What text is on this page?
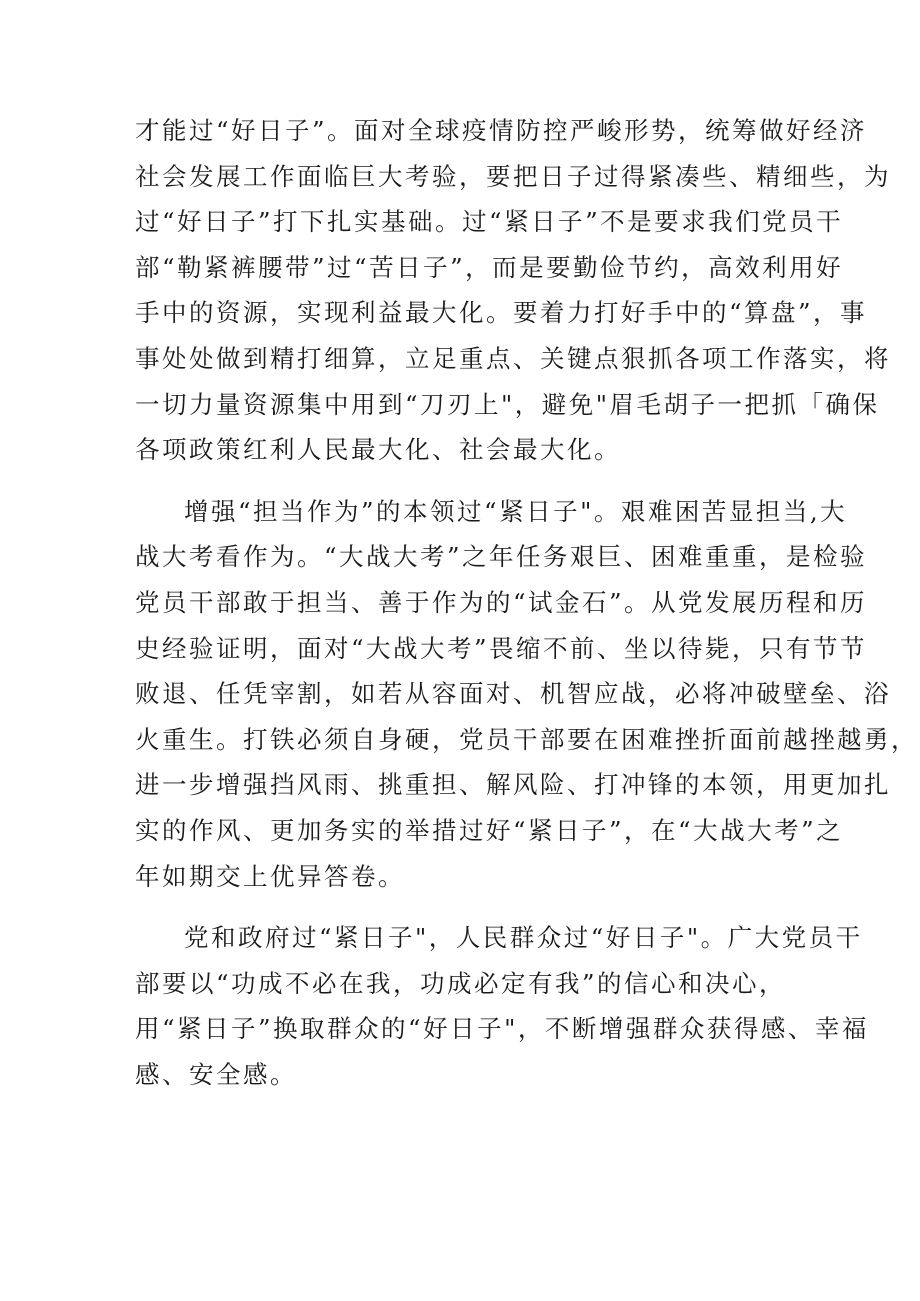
才能过“好日子”。面对全球疫情防控严峻形势，统筹做好经济
社会发展工作面临巨大考验，要把日子过得紧凑些、精细些，为
过“好日子”打下扎实基础。过“紧日子”不是要求我们党员干
部“勒紧裤腰带”过“苦日子”，而是要勤俭节约，高效利用好
手中的资源，实现利益最大化。要着力打好手中的“算盘”，事
事处处做到精打细算，立足重点、关键点狠抓各项工作落实，将
一切力量资源集中用到“刀刃上"，避免"眉毛胡子一把抓「确保
各项政策红利人民最大化、社会最大化。
增强“担当作为”的本领过“紧日子"。艰难困苦显担当,大
战大考看作为。“大战大考”之年任务艰巨、困难重重，是检验
党员干部敢于担当、善于作为的“试金石”。从党发展历程和历
史经验证明，面对“大战大考”畏缩不前、坐以待毙，只有节节
败退、任凭宰割，如若从容面对、机智应战，必将冲破壁垒、浴
火重生。打铁必须自身硬，党员干部要在困难挫折面前越挫越勇，
进一步增强挡风雨、挑重担、解风险、打冲锋的本领，用更加扎
实的作风、更加务实的举措过好“紧日子”，在“大战大考”之
年如期交上优异答卷。
党和政府过“紧日子"，人民群众过“好日子"。广大党员干
部要以“功成不必在我，功成必定有我”的信心和决心，
用“紧日子”换取群众的“好日子"，不断增强群众获得感、幸福
感、安全感。
